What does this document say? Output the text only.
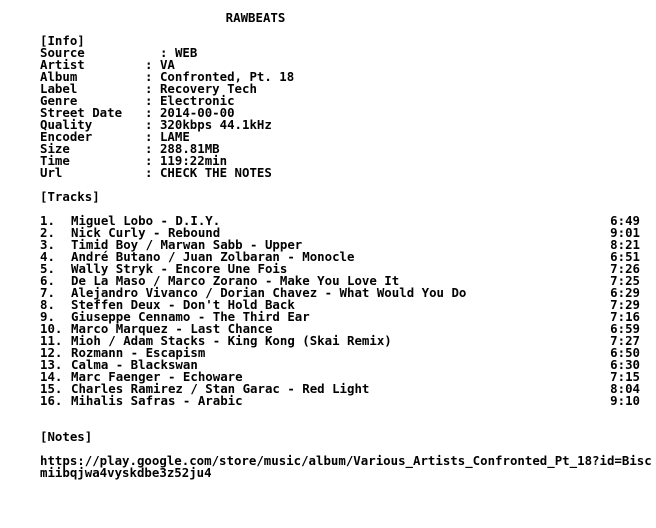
RAWBEATS
[Info]
Source	: WEB
Artist	: VA
Album	: Confronted, Pt. 18
Label	: Recovery Tech
Genre	: Electronic
Street Date : 2014-00-00
Quality	: 320kbps 44.1kHz
Encoder	: LAME
Size	: 288.81MB
Time	: 119:22min
Url	: CHECK THE NOTES
[Tracks]
1. Miguel Lobo - D.I.Y.	6:49
2. Nick Curly - Rebound	9:01
3. Timid Boy / Marwan Sabb - Upper	8:21
4. André Butano / Juan Zolbaran - Monocle	6:51
5. Wally Stryk - Encore Une Fois	7:26
6. De La Maso / Marco Zorano - Make You Love It	7:25
7. Alejandro Vivanco / Dorian Chavez - What Would You Do	6:29
8. Steffen Deux - Don't Hold Back	7:29
9. Giuseppe Cennamo - The Third Ear	7:16
10. Marco Marquez - Last Chance	6:59
11. Mioh / Adam Stacks - King Kong (Skai Remix)	7:27
12. Rozmann - Escapism	6:50
13. Calma - Blackswan	6:30
14. Marc Faenger - Echoware	7:15
15. Charles Ramirez / Stan Garac - Red Light	8:04
16. Mihalis Safras - Arabic	9:10
[Notes]
https://play.google.com/store/music/album/Various_Artists_Confronted_Pt_18?id=Biscmiibqjwa4vyskdbe3z52ju4
